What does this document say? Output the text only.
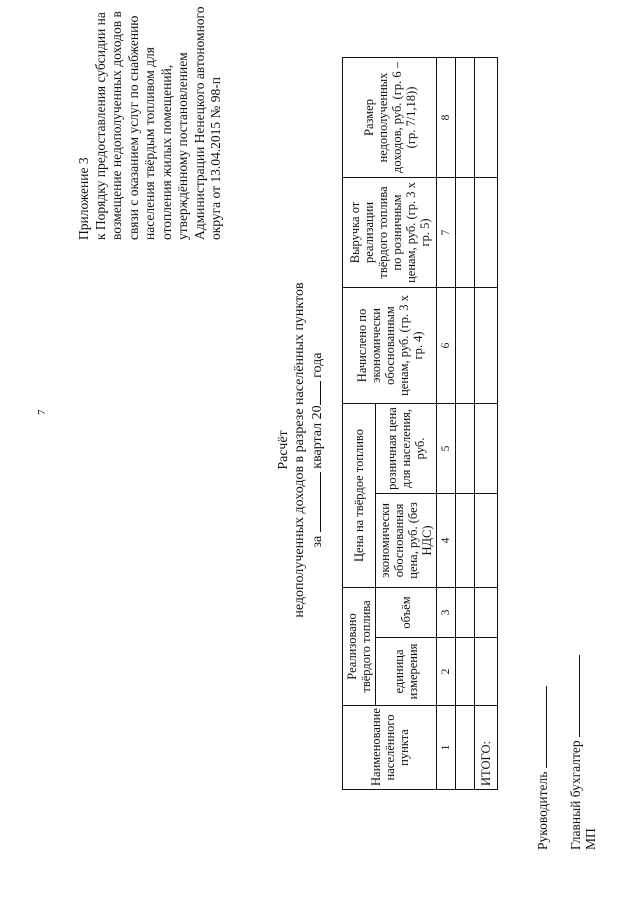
7
Приложение 3 к Порядку предоставления субсидии на возмещение недополученных доходов в связи с оказанием услуг по снабжению населения твёрдым топливом для отопления жилых помещений, утверждённому постановлением Администрации Ненецкого автономного округа от 13.04.2015 № 98-п
Расчёт недополученных доходов в разрезе населённых пунктов за  квартал 20 года
Наименование населённого пункта	Реализовано твёрдого топлива		Цена на твёрдое топливо		Начислено по экономически обоснованным ценам, руб. (гр. 3 х гр. 4)	Выручка от реализации твёрдого топлива по розничным ценам, руб. (гр. 3 х гр. 5)	Размер недополученных доходов, руб. (гр. 6 – (гр. 7/1,18))
	единица измерения	объём	экономически обоснованная цена, руб. (без НДС)	розничная цена для населения, руб.			
1	2	3	4	5	6	7	8

ИТОГО:							
Руководитель Главный бухгалтер МП
